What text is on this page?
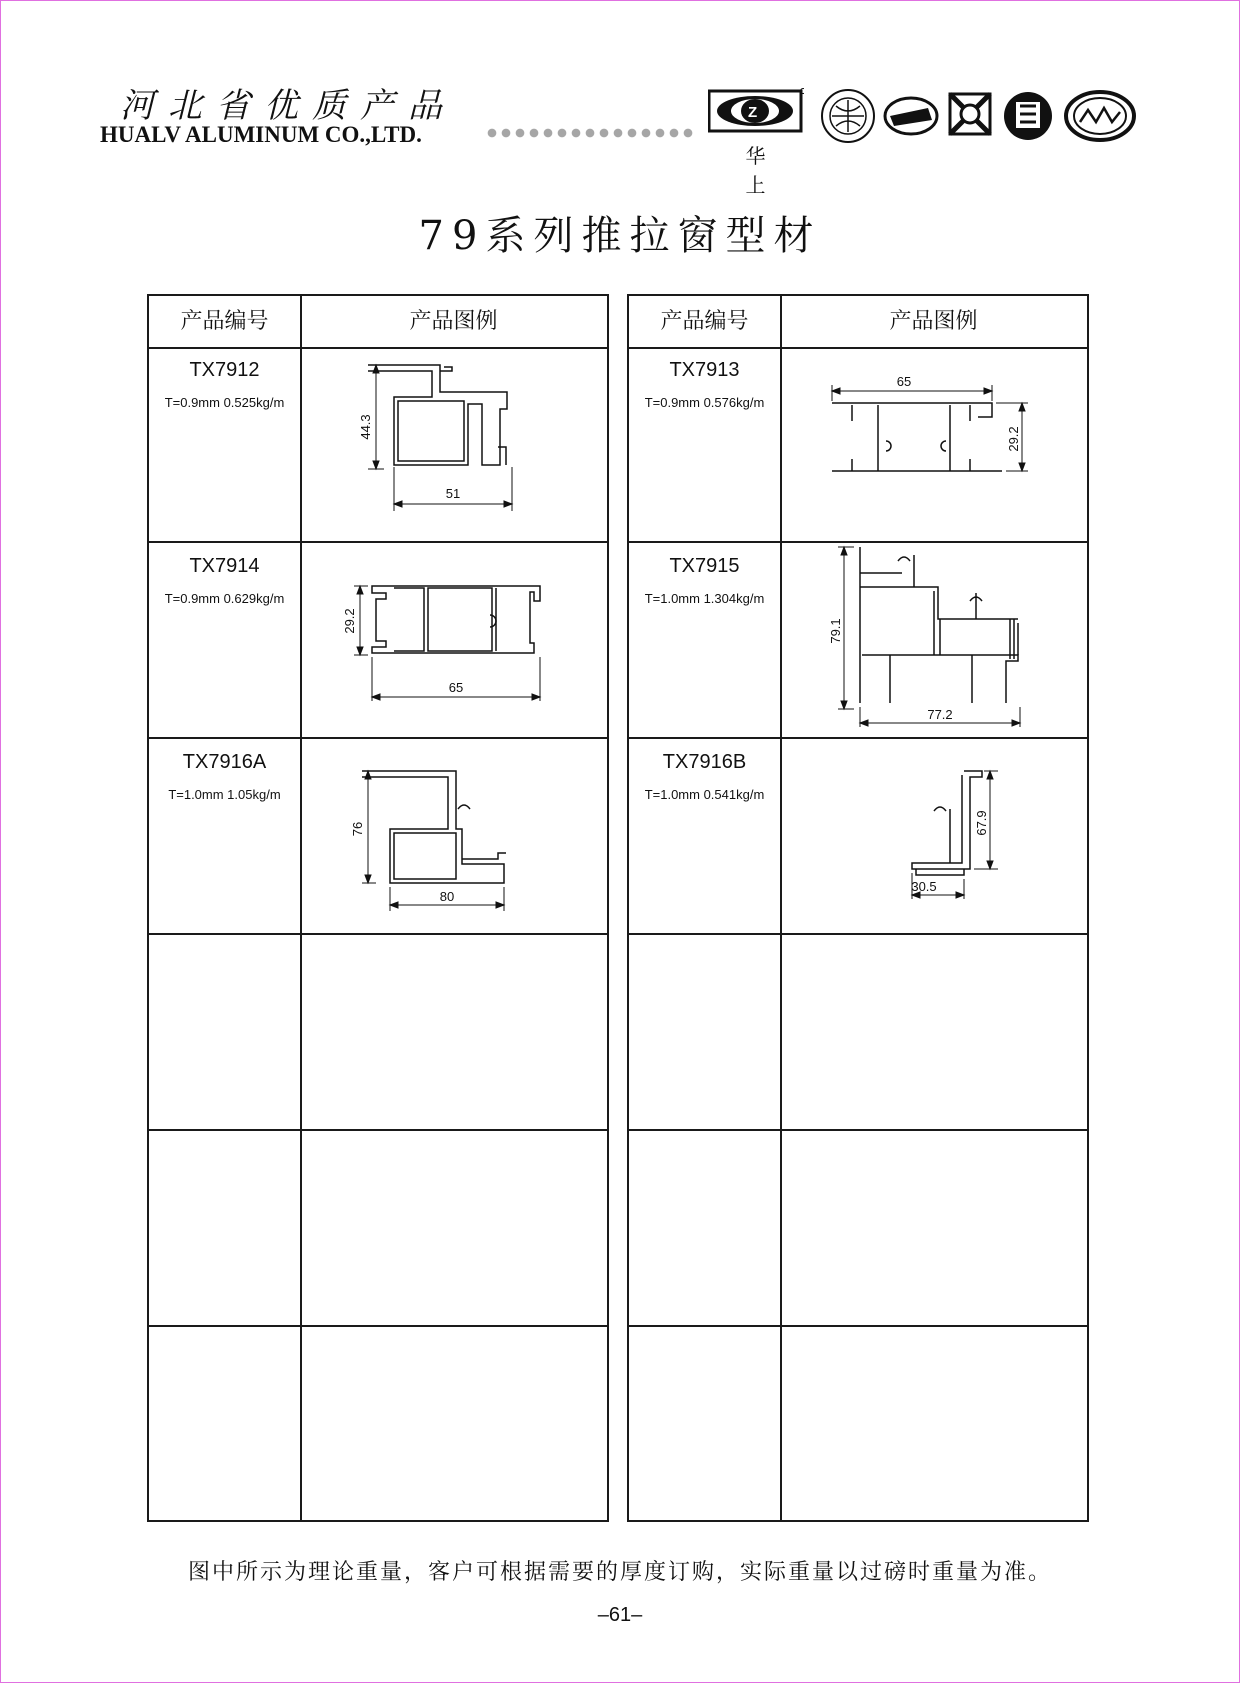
河北省优质产品
HUALV ALUMINUM CO.,LTD.
Z
华 上
79系列推拉窗型材
产品编号	产品图例
TX7912
T=0.9mm 0.525kg/m
44.3
51
TX7914
T=0.9mm 0.629kg/m
29.2
65
TX7916A
T=1.0mm 1.05kg/m
76
80
产品编号	产品图例
TX7913
T=0.9mm 0.576kg/m
65
29.2
TX7915
T=1.0mm 1.304kg/m
79.1
77.2
TX7916B
T=1.0mm 0.541kg/m
67.9
30.5
图中所示为理论重量，客户可根据需要的厚度订购，实际重量以过磅时重量为准。
–61–
